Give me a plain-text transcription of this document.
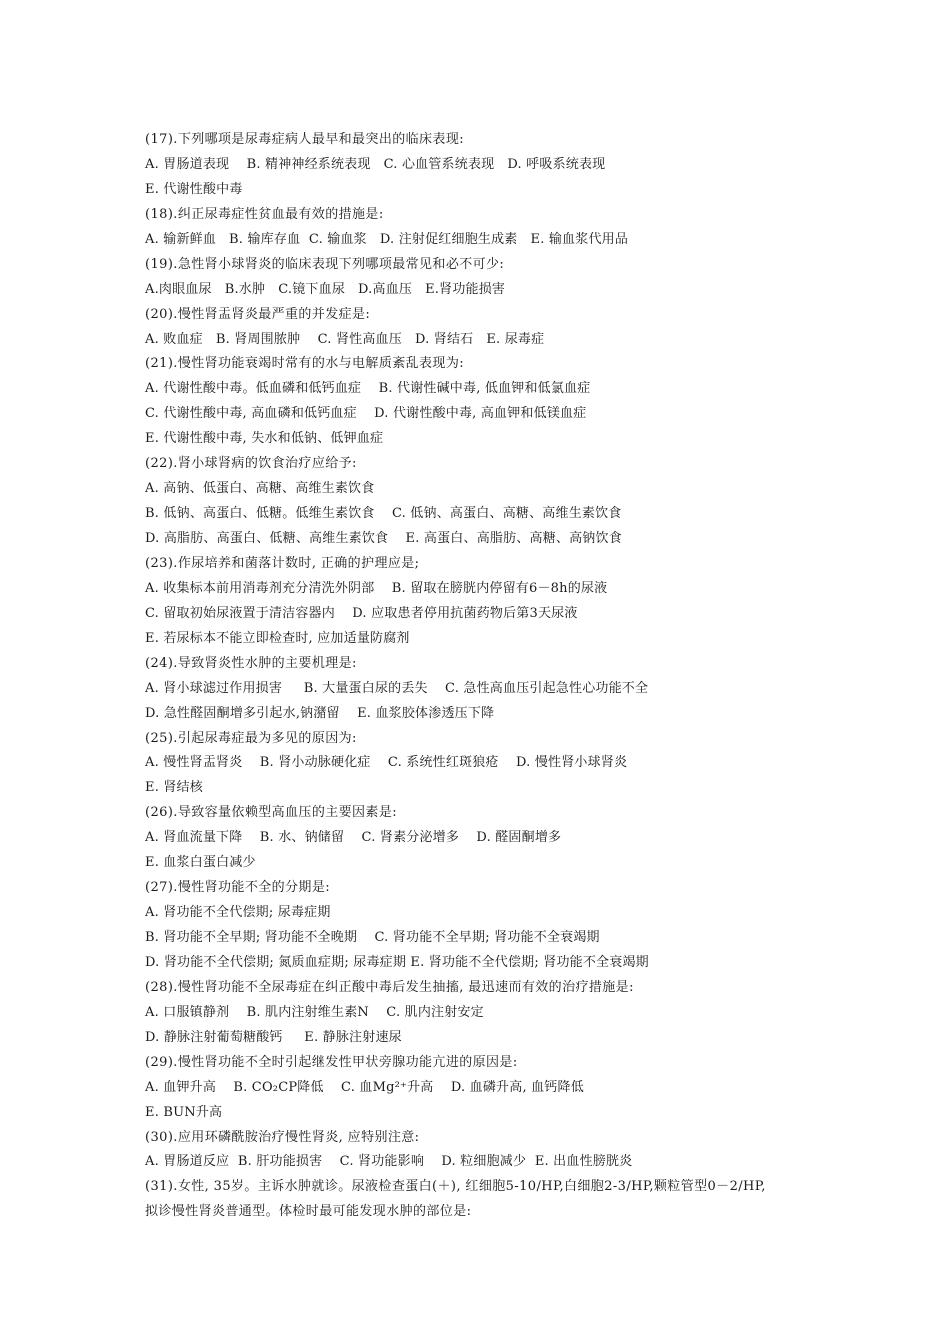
(17).下列哪项是尿毒症病人最早和最突出的临床表现:
A. 胃肠道表现    B. 精神神经系统表现   C. 心血管系统表现   D. 呼吸系统表现
E. 代谢性酸中毒
(18).纠正尿毒症性贫血最有效的措施是:
A. 输新鲜血   B. 输库存血  C. 输血浆   D. 注射促红细胞生成素   E. 输血浆代用品
(19).急性肾小球肾炎的临床表现下列哪项最常见和必不可少:
A.肉眼血尿   B.水肿   C.镜下血尿   D.高血压   E.肾功能损害
(20).慢性肾盂肾炎最严重的并发症是:
A. 败血症   B. 肾周围脓肿    C. 肾性高血压   D. 肾结石   E. 尿毒症
(21).慢性肾功能衰竭时常有的水与电解质紊乱表现为:
A. 代谢性酸中毒。低血磷和低钙血症    B. 代谢性碱中毒, 低血钾和低氯血症
C. 代谢性酸中毒, 高血磷和低钙血症    D. 代谢性酸中毒, 高血钾和低镁血症
E. 代谢性酸中毒, 失水和低钠、低钾血症
(22).肾小球肾病的饮食治疗应给予:
A. 高钠、低蛋白、高糖、高维生素饮食
B. 低钠、高蛋白、低糖。低维生素饮食    C. 低钠、高蛋白、高糖、高维生素饮食
D. 高脂肪、高蛋白、低糖、高维生素饮食    E. 高蛋白、高脂肪、高糖、高钠饮食
(23).作尿培养和菌落计数时, 正确的护理应是;
A. 收集标本前用消毒剂充分清洗外阴部    B. 留取在膀胱内停留有6－8h的尿液
C. 留取初始尿液置于清洁容器内    D. 应取患者停用抗菌药物后第3天尿液
E. 若尿标本不能立即检查时, 应加适量防腐剂
(24).导致肾炎性水肿的主要机理是:
A. 肾小球滤过作用损害     B. 大量蛋白尿的丢失    C. 急性高血压引起急性心功能不全
D. 急性醛固酮增多引起水,钠潴留    E. 血浆胶体渗透压下降
(25).引起尿毒症最为多见的原因为:
A. 慢性肾盂肾炎    B. 肾小动脉硬化症    C. 系统性红斑狼疮    D. 慢性肾小球肾炎
E. 肾结核
(26).导致容量依赖型高血压的主要因素是:
A. 肾血流量下降    B. 水、钠储留    C. 肾素分泌增多    D. 醛固酮增多
E. 血浆白蛋白减少
(27).慢性肾功能不全的分期是:
A. 肾功能不全代偿期; 尿毒症期
B. 肾功能不全早期; 肾功能不全晚期    C. 肾功能不全早期; 肾功能不全衰竭期
D. 肾功能不全代偿期; 氮质血症期; 尿毒症期 E. 肾功能不全代偿期; 肾功能不全衰竭期
(28).慢性肾功能不全尿毒症在纠正酸中毒后发生抽搐, 最迅速而有效的治疗措施是:
A. 口服镇静剂    B. 肌内注射维生素N    C. 肌内注射安定
D. 静脉注射葡萄糖酸钙     E. 静脉注射速尿
(29).慢性肾功能不全时引起继发性甲状旁腺功能亢进的原因是:
A. 血钾升高    B. CO₂CP降低    C. 血Mg²⁺升高    D. 血磷升高, 血钙降低
E. BUN升高
(30).应用环磷酰胺治疗慢性肾炎, 应特别注意:
A. 胃肠道反应  B. 肝功能损害    C. 肾功能影响    D. 粒细胞减少  E. 出血性膀胱炎
(31).女性, 35岁。主诉水肿就诊。尿液检查蛋白(＋), 红细胞5-10/HP,白细胞2-3/HP,颗粒管型0－2/HP,
拟诊慢性肾炎普通型。体检时最可能发现水肿的部位是:
